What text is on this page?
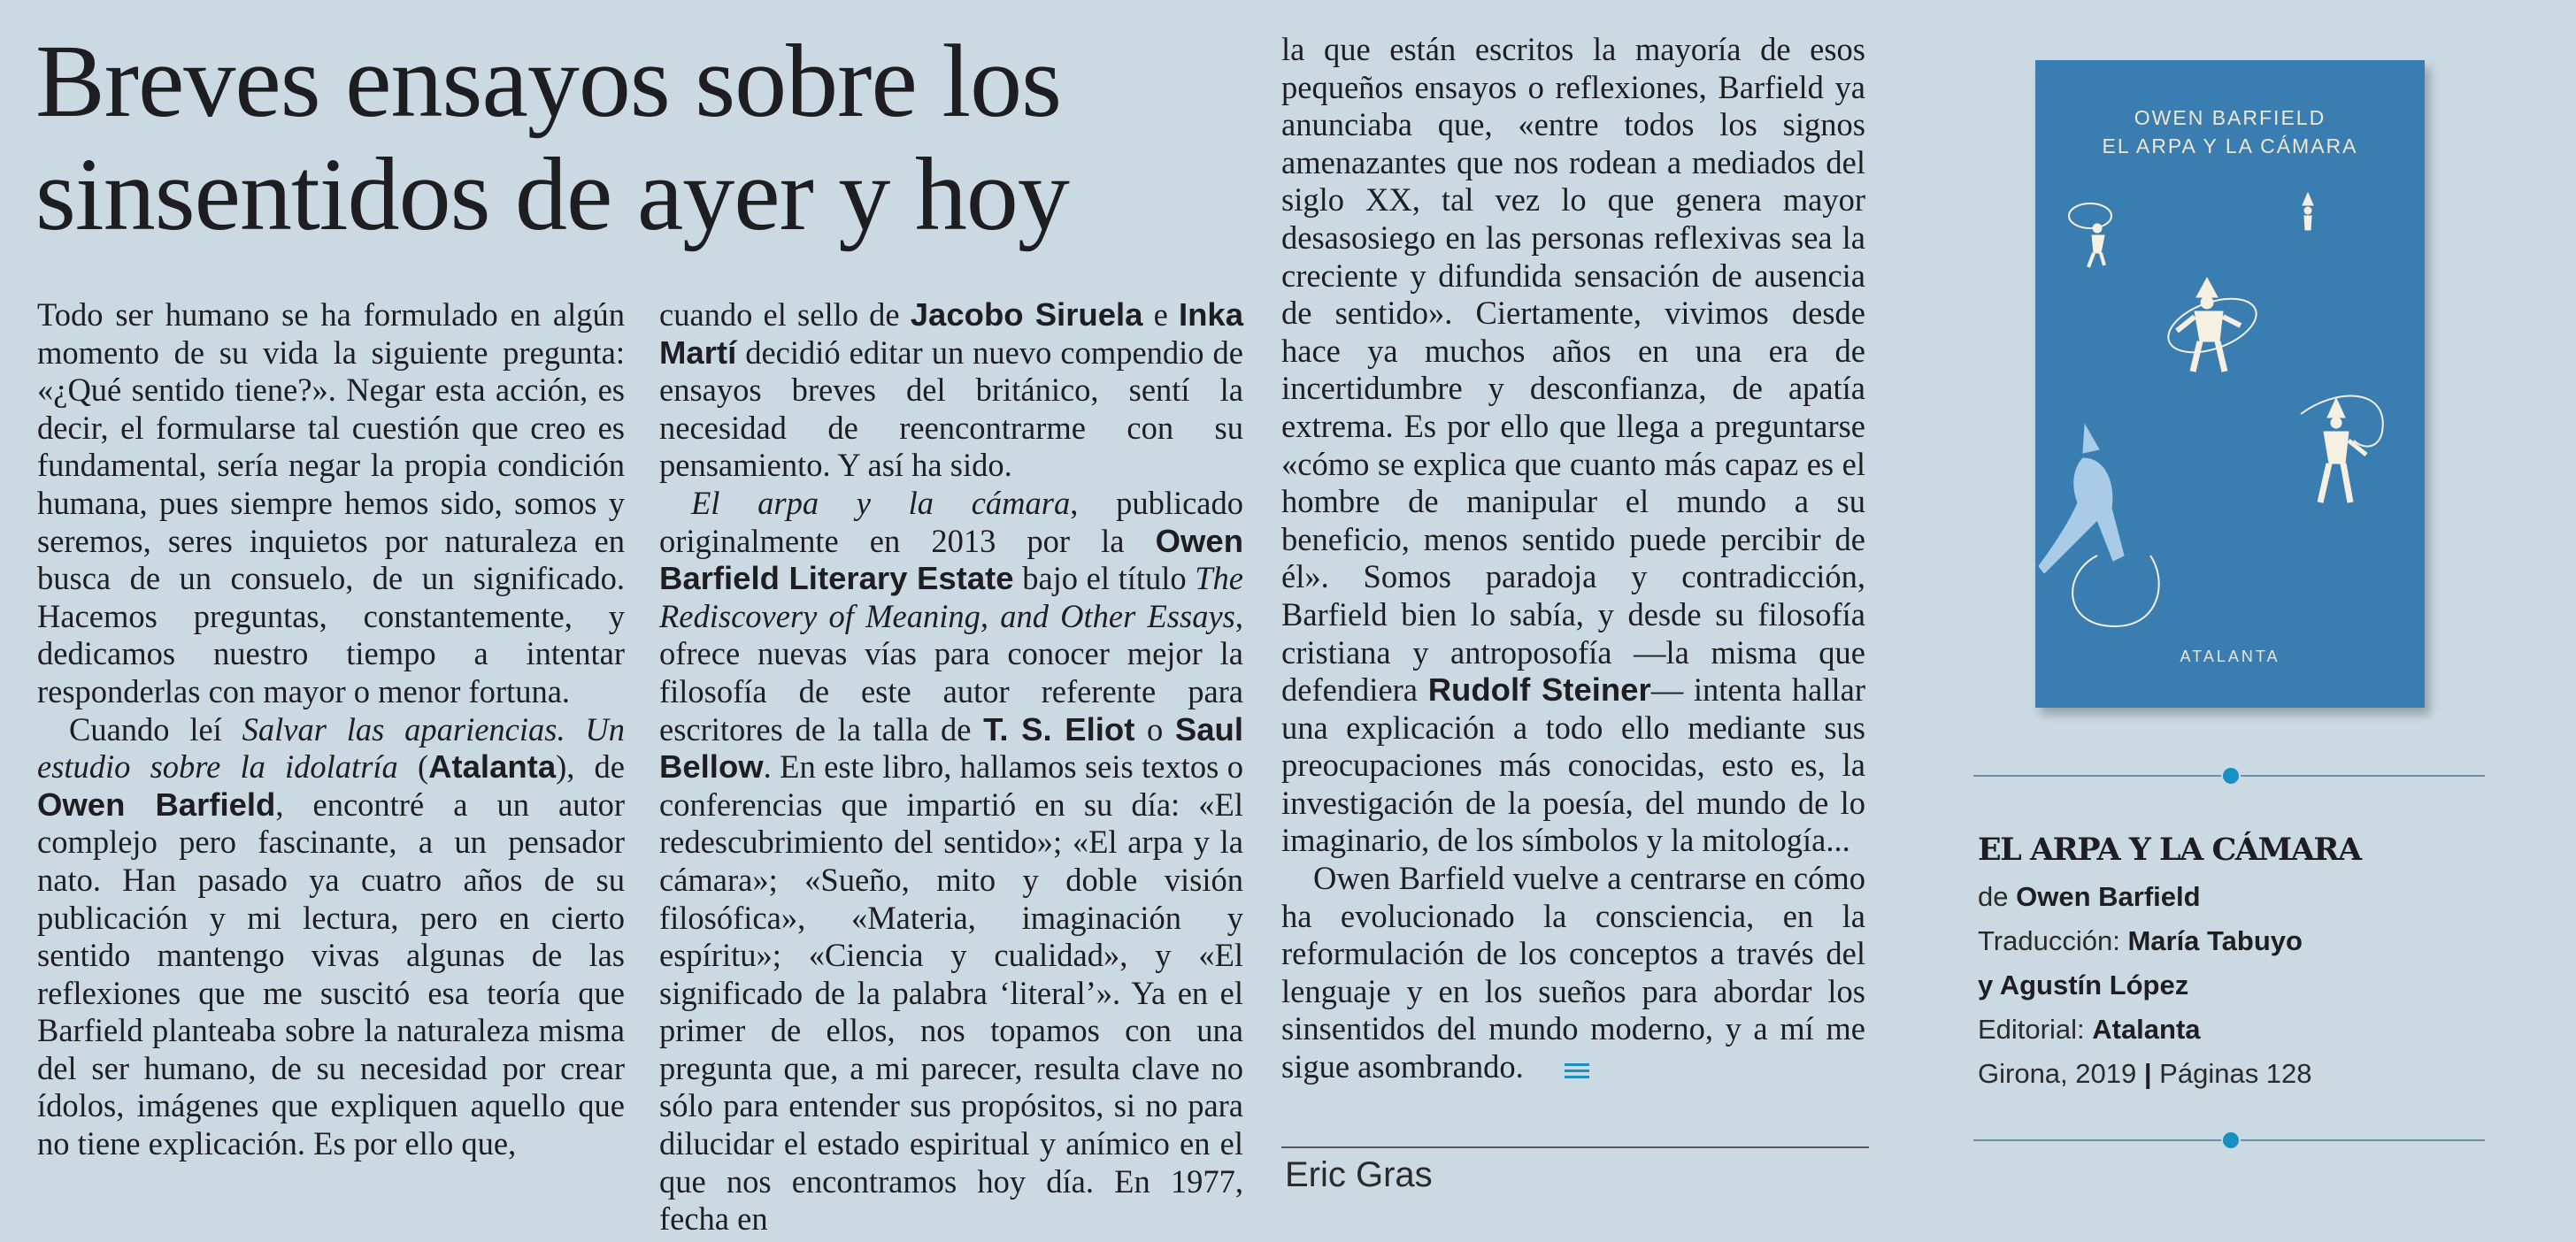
Breves ensayos sobre los sinsentidos de ayer y hoy

Todo ser humano se ha formulado en algún momento de su vida la siguiente pregunta: «¿Qué sentido tiene?». Negar esta acción, es decir, el formularse tal cuestión que creo es fundamental, sería negar la propia condición humana, pues siempre hemos sido, somos y seremos, seres inquietos por naturaleza en busca de un consuelo, de un significado. Hacemos preguntas, constantemente, y dedicamos nuestro tiempo a intentar responderlas con mayor o menor fortuna.

Cuando leí Salvar las apariencias. Un estudio sobre la idolatría (Atalanta), de Owen Barfield, encontré a un autor complejo pero fascinante, a un pensador nato. Han pasado ya cuatro años de su publicación y mi lectura, pero en cierto sentido mantengo vivas algunas de las reflexiones que me suscitó esa teoría que Barfield planteaba sobre la naturaleza misma del ser humano, de su necesidad por crear ídolos, imágenes que expliquen aquello que no tiene explicación. Es por ello que,

cuando el sello de Jacobo Siruela e Inka Martí decidió editar un nuevo compendio de ensayos breves del británico, sentí la necesidad de reencontrarme con su pensamiento. Y así ha sido.

El arpa y la cámara, publicado originalmente en 2013 por la Owen Barfield Literary Estate bajo el título The Rediscovery of Meaning, and Other Essays, ofrece nuevas vías para conocer mejor la filosofía de este autor referente para escritores de la talla de T. S. Eliot o Saul Bellow. En este libro, hallamos seis textos o conferencias que impartió en su día: «El redescubrimiento del sentido»; «El arpa y la cámara»; «Sueño, mito y doble visión filosófica», «Materia, imaginación y espíritu»; «Ciencia y cualidad», y «El significado de la palabra ‘literal’». Ya en el primer de ellos, nos topamos con una pregunta que, a mi parecer, resulta clave no sólo para entender sus propósitos, si no para dilucidar el estado espiritual y anímico en el que nos encontramos hoy día. En 1977, fecha en

la que están escritos la mayoría de esos pequeños ensayos o reflexiones, Barfield ya anunciaba que, «entre todos los signos amenazantes que nos rodean a mediados del siglo XX, tal vez lo que genera mayor desasosiego en las personas reflexivas sea la creciente y difundida sensación de ausencia de sentido». Ciertamente, vivimos desde hace ya muchos años en una era de incertidumbre y desconfianza, de apatía extrema. Es por ello que llega a preguntarse «cómo se explica que cuanto más capaz es el hombre de manipular el mundo a su beneficio, menos sentido puede percibir de él». Somos paradoja y contradicción, Barfield bien lo sabía, y desde su filosofía cristiana y antroposofía —la misma que defendiera Rudolf Steiner— intenta hallar una explicación a todo ello mediante sus preocupaciones más conocidas, esto es, la investigación de la poesía, del mundo de lo imaginario, de los símbolos y la mitología...

Owen Barfield vuelve a centrarse en cómo ha evolucionado la consciencia, en la reformulación de los conceptos a través del lenguaje y en los sueños para abordar los sinsentidos del mundo moderno, y a mí me sigue asombrando.

Eric Gras
OWEN BARFIELD
EL ARPA Y LA CÁMARA
ATALANTA
EL ARPA Y LA CÁMARA
de Owen Barfield
Traducción: María Tabuyo
y Agustín López
Editorial: Atalanta
Girona, 2019 | Páginas 128
